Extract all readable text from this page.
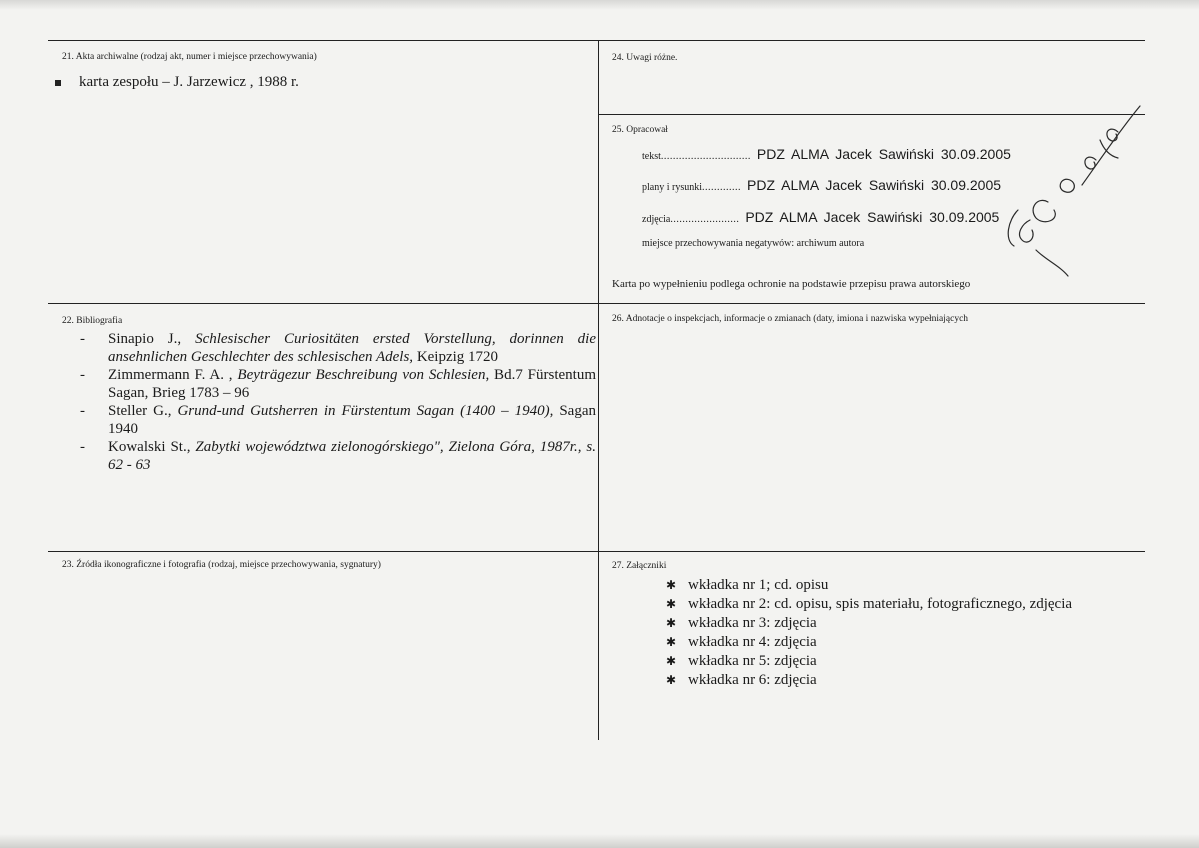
21. Akta archiwalne (rodzaj akt, numer i miejsce przechowywania)
karta zespołu – J. Jarzewicz , 1988 r.
24. Uwagi różne.
25. Opracował
tekst .............................. PDZ ALMA Jacek Sawiński 30.09.2005
plany i rysunki ............. PDZ ALMA Jacek Sawiński 30.09.2005
zdjęcia ....................... PDZ ALMA Jacek Sawiński 30.09.2005
miejsce przechowywania negatywów: archiwum autora
Karta po wypełnieniu podlega ochronie na podstawie przepisu prawa autorskiego
22. Bibliografia
- Sinapio J., Schlesischer Curiositäten ersted Vorstellung, dorinnen die ansehnlichen Geschlechter des schlesischen Adels, Keipzig 1720
- Zimmermann F. A. , Beyträgezur Beschreibung von Schlesien, Bd.7 Fürstentum Sagan, Brieg 1783 – 96
- Steller G., Grund-und Gutsherren in Fürstentum Sagan (1400 – 1940), Sagan 1940
- Kowalski St., Zabytki województwa zielonogórskiego", Zielona Góra, 1987r., s. 62 - 63
26. Adnotacje o inspekcjach, informacje o zmianach (daty, imiona i nazwiska wypełniających
23. Źródła ikonograficzne i fotografia (rodzaj, miejsce przechowywania, sygnatury)	27. Załączniki
✱ wkładka nr 1; cd. opisu
✱ wkładka nr 2: cd. opisu, spis materiału, fotograficznego, zdjęcia
✱ wkładka nr 3: zdjęcia
✱ wkładka nr 4: zdjęcia
✱ wkładka nr 5: zdjęcia
✱ wkładka nr 6: zdjęcia
